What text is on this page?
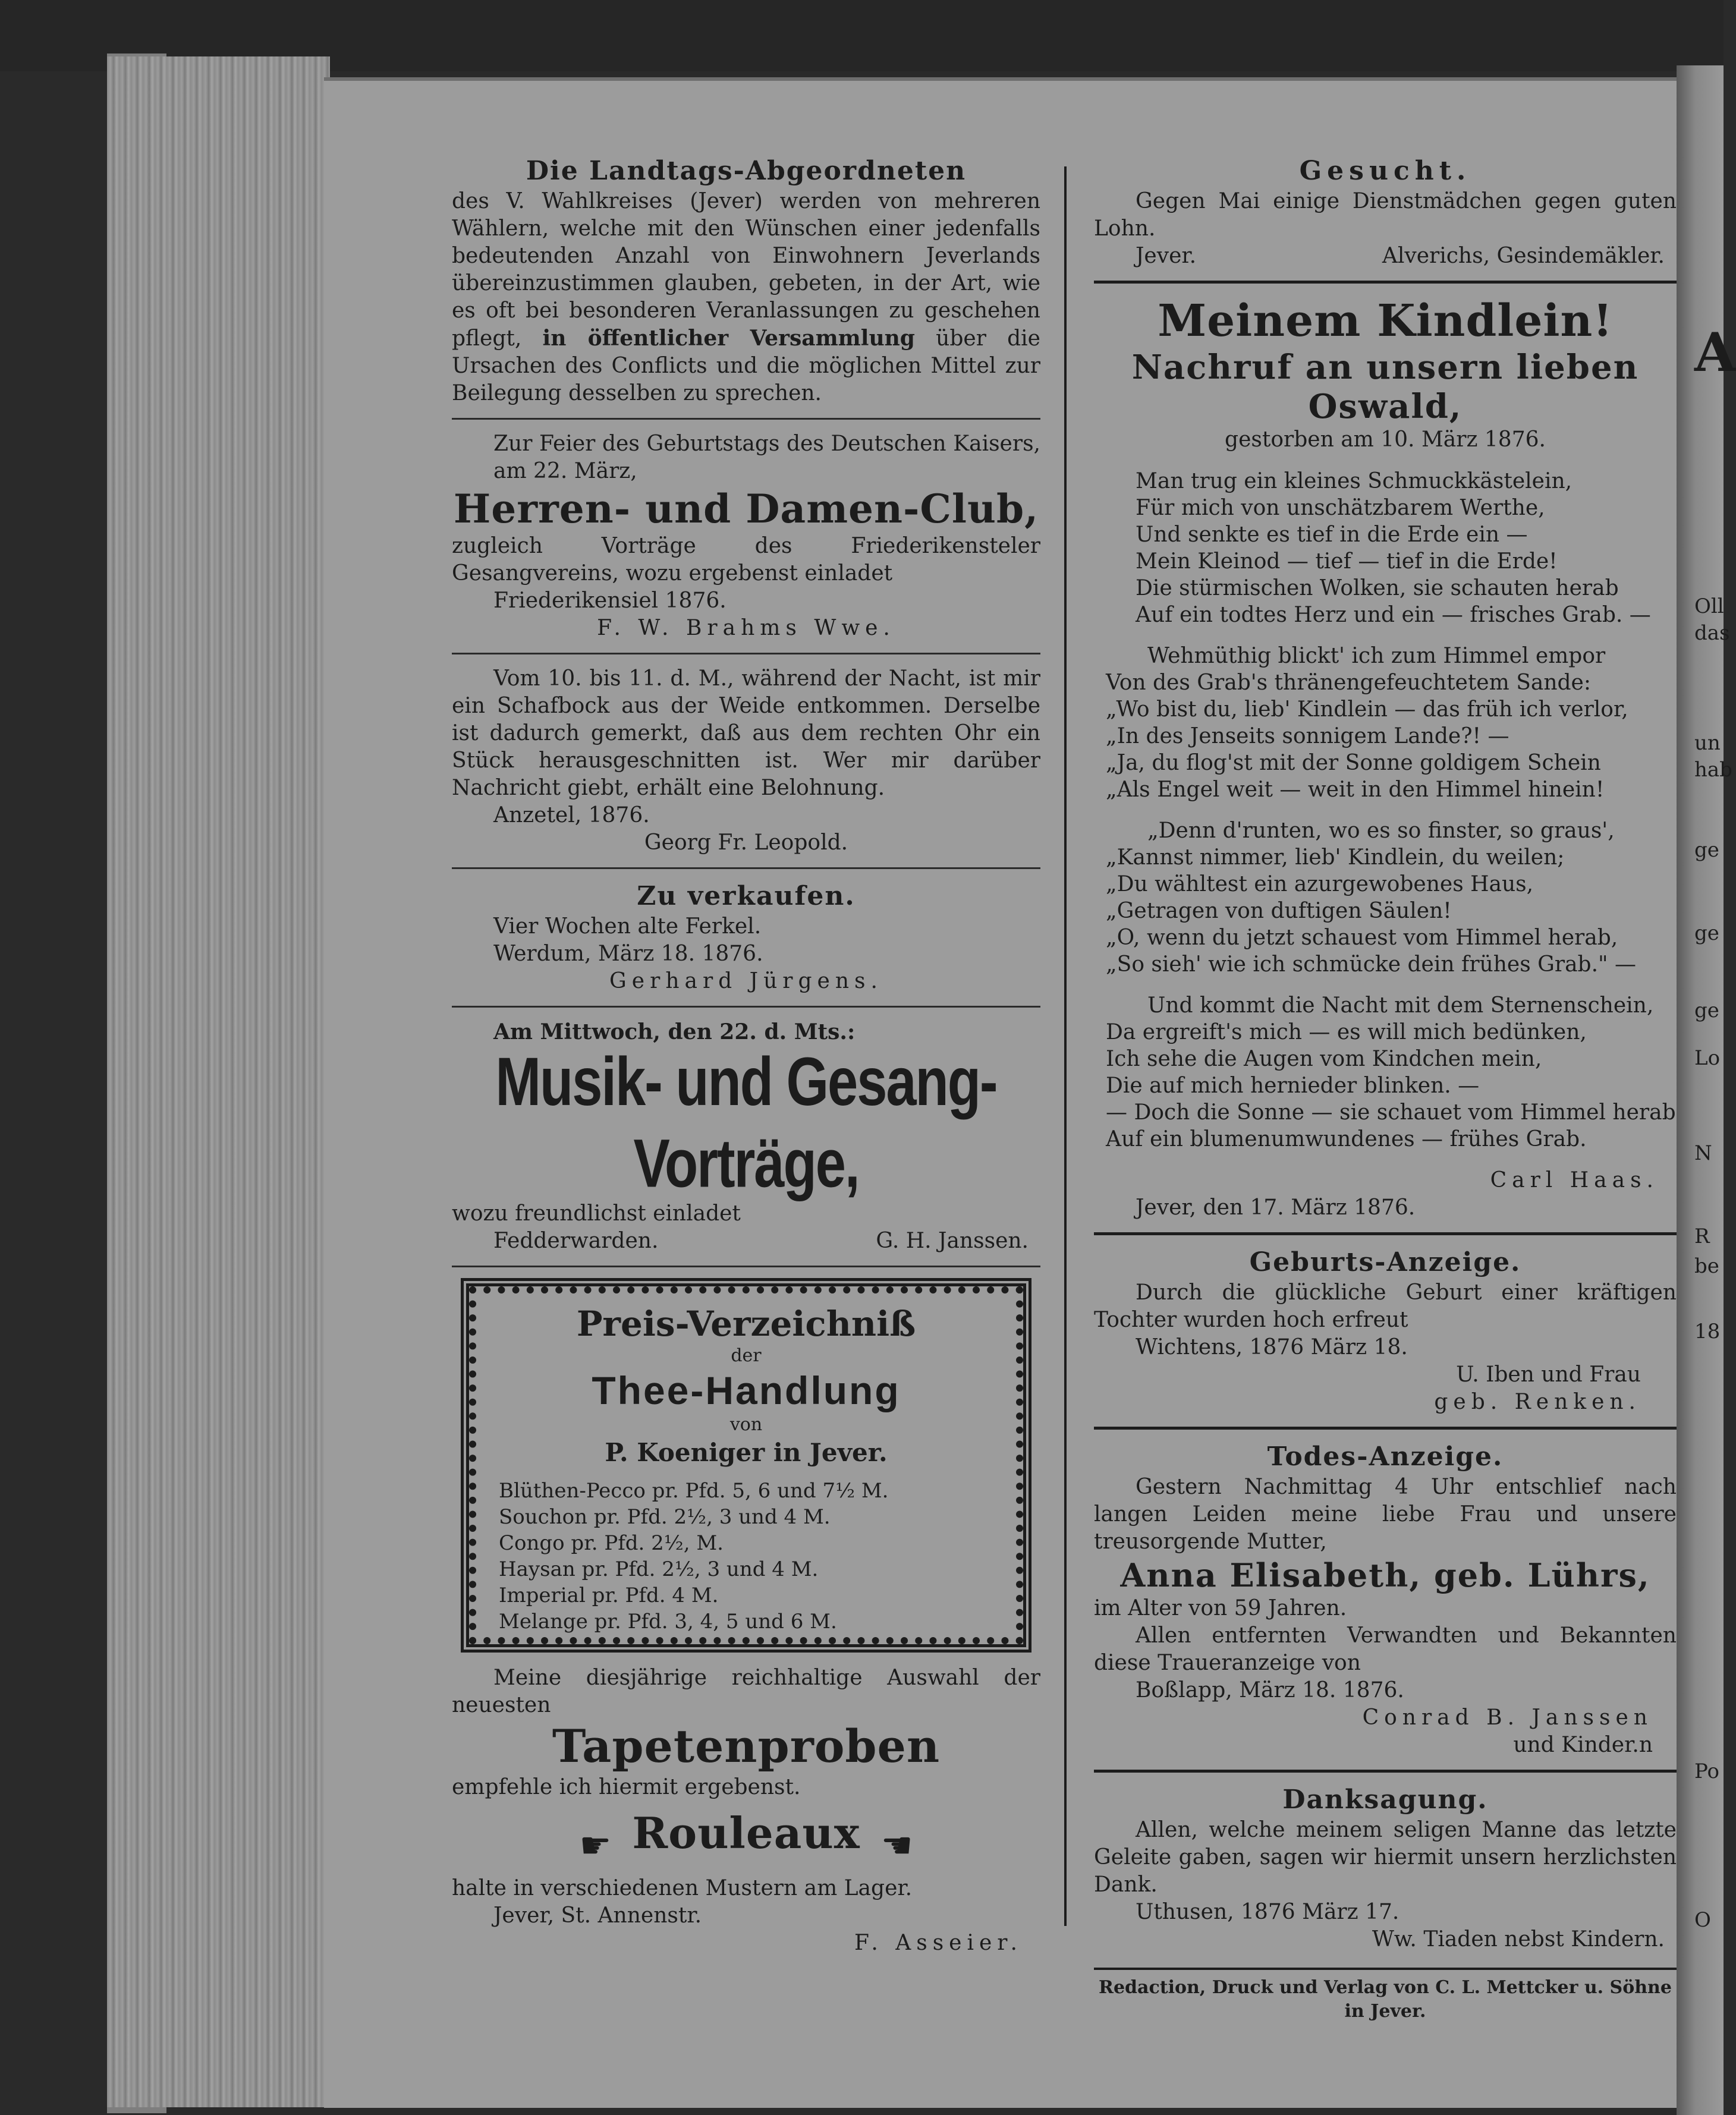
Die Landtags-Abgeordneten
des V. Wahlkreises (Jever) werden von mehreren Wählern, welche mit den Wünschen einer jedenfalls bedeutenden Anzahl von Einwohnern Jeverlands übereinzustimmen glauben, gebeten, in der Art, wie es oft bei besonderen Veranlassungen zu geschehen pflegt, in öffentlicher Versammlung über die Ursachen des Conflicts und die möglichen Mittel zur Beilegung desselben zu sprechen.
Zur Feier des Geburtstags des Deutschen Kaisers, am 22. März,
Herren- und Damen-Club,
zugleich Vorträge des Friederikensteler Gesangvereins, wozu ergebenst einladet
Friederikensiel 1876.
F. W. Brahms Wwe.
Vom 10. bis 11. d. M., während der Nacht, ist mir ein Schafbock aus der Weide entkommen. Derselbe ist dadurch gemerkt, daß aus dem rechten Ohr ein Stück herausgeschnitten ist. Wer mir darüber Nachricht giebt, erhält eine Belohnung.
Anzetel, 1876.
Georg Fr. Leopold.
Zu verkaufen.
Vier Wochen alte Ferkel.
Werdum, März 18. 1876.
Gerhard Jürgens.
Am Mittwoch, den 22. d. Mts.:
Musik- und Gesang-Vorträge,
wozu freundlichst einladet
Fedderwarden.	G. H. Janssen.
Preis-Verzeichniß
der
Thee-Handlung
von
P. Koeniger in Jever.
Blüthen-Pecco pr. Pfd. 5, 6 und 7½ M.
Souchon pr. Pfd. 2½, 3 und 4 M.
Congo pr. Pfd. 2½, M.
Haysan pr. Pfd. 2½, 3 und 4 M.
Imperial pr. Pfd. 4 M.
Melange pr. Pfd. 3, 4, 5 und 6 M.
Meine diesjährige reichhaltige Auswahl der neuesten
Tapetenproben
empfehle ich hiermit ergebenst.
☛ Rouleaux ☚
halte in verschiedenen Mustern am Lager.
Jever, St. Annenstr.
F. Asseier.
Gesucht.
Gegen Mai einige Dienstmädchen gegen guten Lohn.
Jever.	Alverichs, Gesindemäkler.
Meinem Kindlein!
Nachruf an unsern lieben Oswald,
gestorben am 10. März 1876.
Man trug ein kleines Schmuckkästelein,
Für mich von unschätzbarem Werthe,
Und senkte es tief in die Erde ein —
Mein Kleinod — tief — tief in die Erde!
Die stürmischen Wolken, sie schauten herab
Auf ein todtes Herz und ein — frisches Grab. —
Wehmüthig blickt' ich zum Himmel empor
Von des Grab's thränengefeuchtetem Sande:
„Wo bist du, lieb' Kindlein — das früh ich verlor,
„In des Jenseits sonnigem Lande?! —
„Ja, du flog'st mit der Sonne goldigem Schein
„Als Engel weit — weit in den Himmel hinein!
„Denn d'runten, wo es so finster, so graus',
„Kannst nimmer, lieb' Kindlein, du weilen;
„Du wähltest ein azurgewobenes Haus,
„Getragen von duftigen Säulen!
„O, wenn du jetzt schauest vom Himmel herab,
„So sieh' wie ich schmücke dein frühes Grab." —
Und kommt die Nacht mit dem Sternenschein,
Da ergreift's mich — es will mich bedünken,
Ich sehe die Augen vom Kindchen mein,
Die auf mich hernieder blinken. —
— Doch die Sonne — sie schauet vom Himmel herab
Auf ein blumenumwundenes — frühes Grab.
Carl Haas.
Jever, den 17. März 1876.
Geburts-Anzeige.
Durch die glückliche Geburt einer kräftigen Tochter wurden hoch erfreut
Wichtens, 1876 März 18.
U. Iben und Frau
geb. Renken.
Todes-Anzeige.
Gestern Nachmittag 4 Uhr entschlief nach langen Leiden meine liebe Frau und unsere treusorgende Mutter,
Anna Elisabeth, geb. Lührs,
im Alter von 59 Jahren.
Allen entfernten Verwandten und Bekannten diese Traueranzeige von
Boßlapp, März 18. 1876.
Conrad B. Janssen
und Kinder.n
Danksagung.
Allen, welche meinem seligen Manne das letzte Geleite gaben, sagen wir hiermit unsern herzlichsten Dank.
Uthusen, 1876 März 17.
Ww. Tiaden nebst Kindern.
Redaction, Druck und Verlag von C. L. Mettcker u. Söhne in Jever.
A
Oll
das
un
hab
ge
ge
ge
Lo
N
R
be
18
Po
O
